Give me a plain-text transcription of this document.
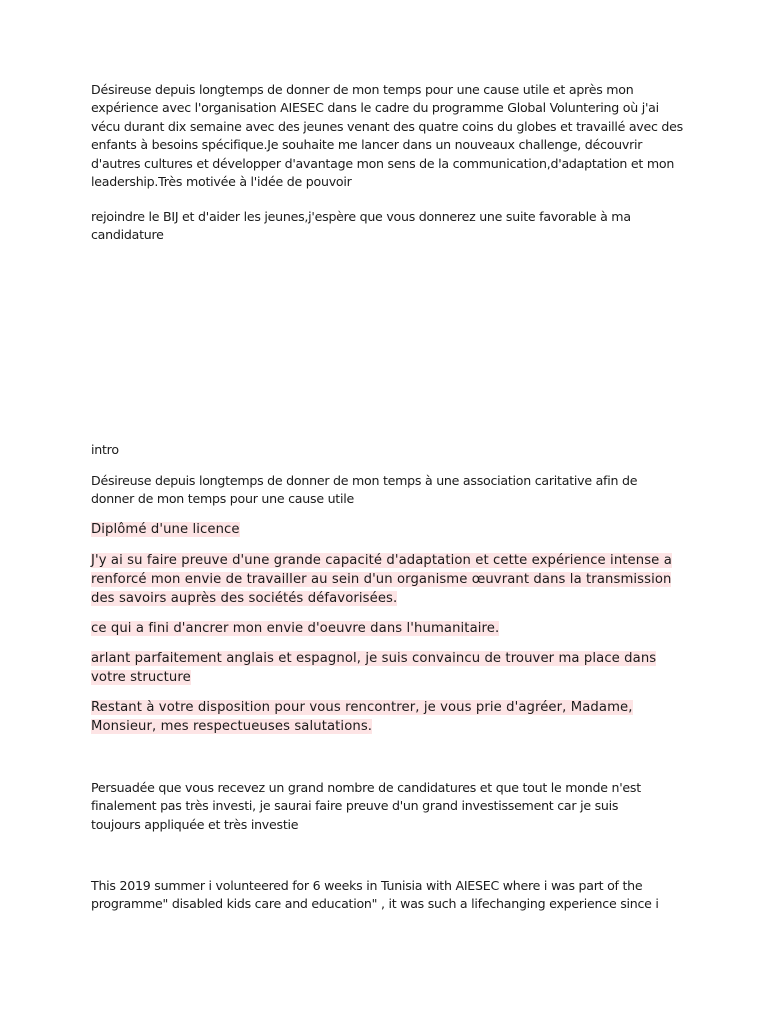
Désireuse depuis longtemps de donner de mon temps pour une cause utile et après mon expérience avec l'organisation AIESEC dans le cadre du programme Global Voluntering où j'ai vécu durant dix semaine avec des jeunes venant des quatre coins du globes et travaillé avec des enfants à besoins spécifique.Je souhaite me lancer dans un nouveaux challenge, découvrir d'autres cultures et développer d'avantage mon sens de la communication,d'adaptation et mon leadership.Très motivée à l'idée de pouvoir

rejoindre le BIJ et d'aider les jeunes,j'espère que vous donnerez une suite favorable à ma candidature

intro

Désireuse depuis longtemps de donner de mon temps à une association caritative afin de donner de mon temps pour une cause utile

Diplômé d'une licence

J'y ai su faire preuve d'une grande capacité d'adaptation et cette expérience intense a renforcé mon envie de travailler au sein d'un organisme œuvrant dans la transmission des savoirs auprès des sociétés défavorisées.

ce qui a fini d'ancrer mon envie d'oeuvre dans l'humanitaire.

arlant parfaitement anglais et espagnol, je suis convaincu de trouver ma place dans votre structure

Restant à votre disposition pour vous rencontrer, je vous prie d'agréer, Madame, Monsieur, mes respectueuses salutations.

Persuadée que vous recevez un grand nombre de candidatures et que tout le monde n'est finalement pas très investi, je saurai faire preuve d'un grand investissement car je suis toujours appliquée et très investie

This 2019 summer i volunteered for 6 weeks in Tunisia with AIESEC where i was part of the programme" disabled kids care and education" , it was such a lifechanging experience since i
